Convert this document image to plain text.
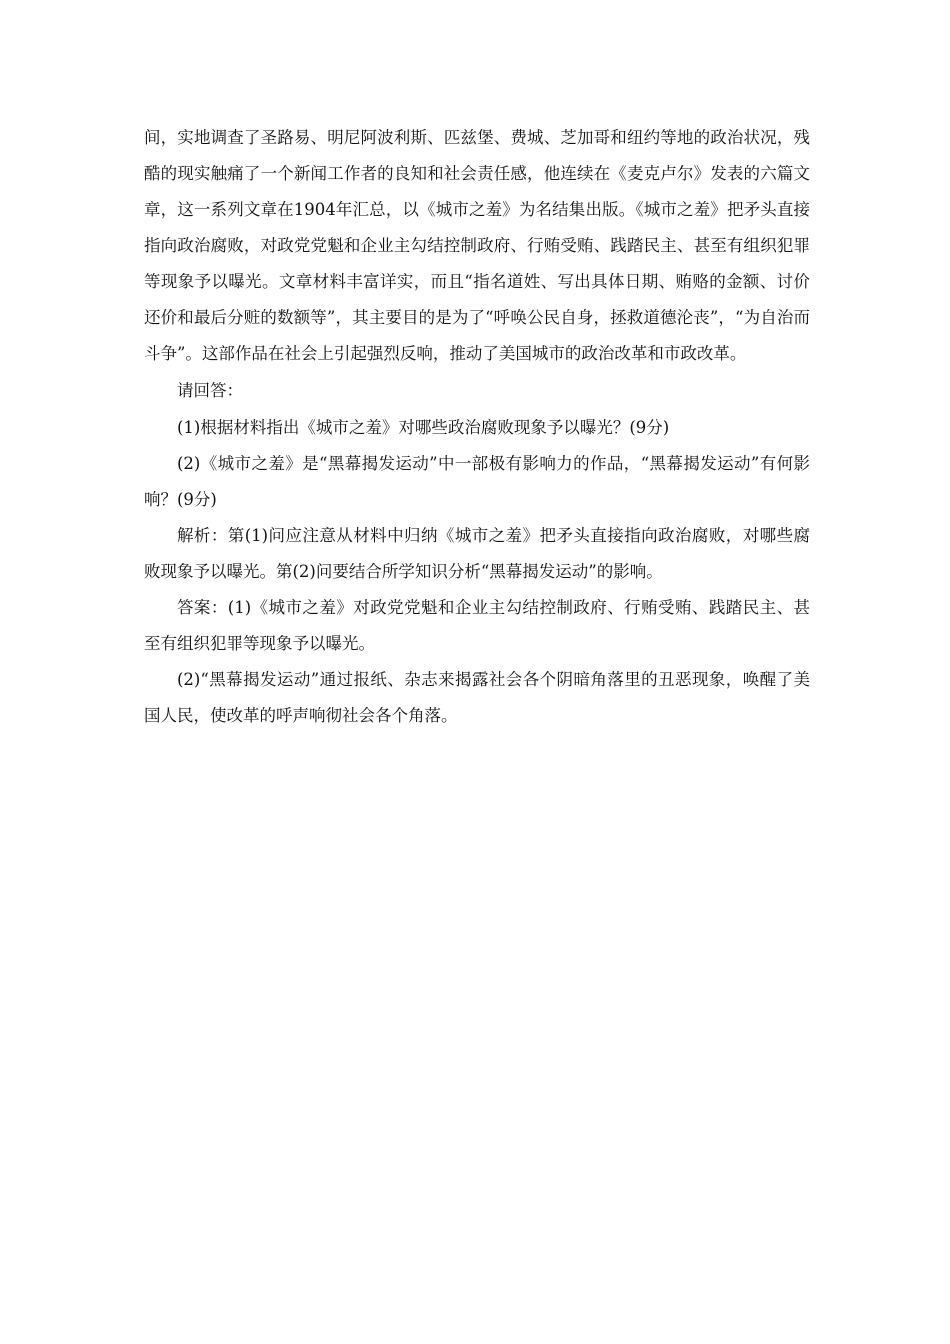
间，实地调查了圣路易、明尼阿波利斯、匹兹堡、费城、芝加哥和纽约等地的政治状况，残酷的现实触痛了一个新闻工作者的良知和社会责任感，他连续在《麦克卢尔》发表的六篇文章，这一系列文章在1904年汇总，以《城市之羞》为名结集出版。《城市之羞》把矛头直接指向政治腐败，对政党党魁和企业主勾结控制政府、行贿受贿、践踏民主、甚至有组织犯罪等现象予以曝光。文章材料丰富详实，而且“指名道姓、写出具体日期、贿赂的金额、讨价还价和最后分赃的数额等”，其主要目的是为了“呼唤公民自身，拯救道德沦丧”，“为自治而斗争”。这部作品在社会上引起强烈反响，推动了美国城市的政治改革和市政改革。

请回答：

(1)根据材料指出《城市之羞》对哪些政治腐败现象予以曝光？(9分)

(2)《城市之羞》是“黑幕揭发运动”中一部极有影响力的作品，“黑幕揭发运动”有何影响？(9分)

解析：第(1)问应注意从材料中归纳《城市之羞》把矛头直接指向政治腐败，对哪些腐败现象予以曝光。第(2)问要结合所学知识分析“黑幕揭发运动”的影响。

答案：(1)《城市之羞》对政党党魁和企业主勾结控制政府、行贿受贿、践踏民主、甚至有组织犯罪等现象予以曝光。

(2)“黑幕揭发运动”通过报纸、杂志来揭露社会各个阴暗角落里的丑恶现象，唤醒了美国人民，使改革的呼声响彻社会各个角落。
